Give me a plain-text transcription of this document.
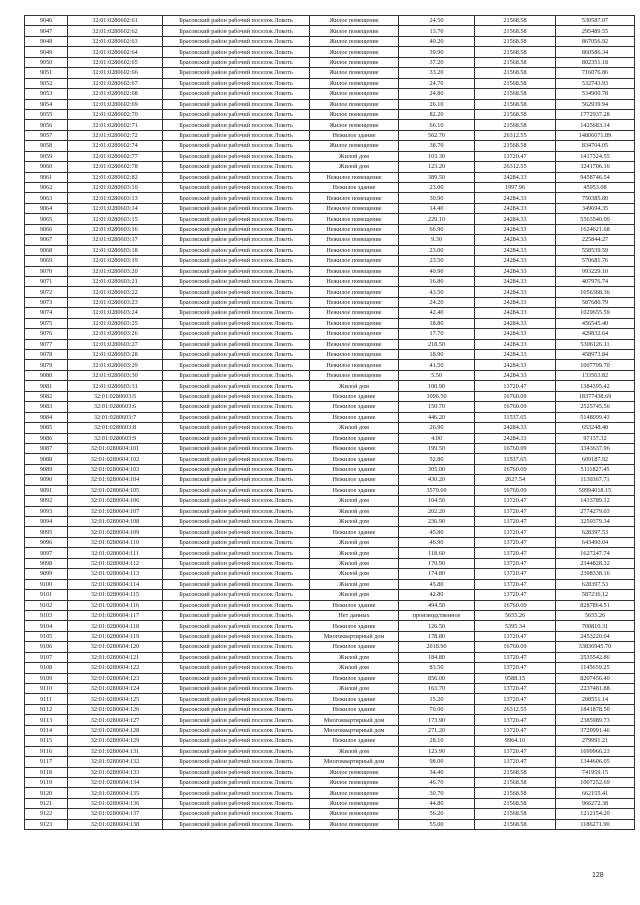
9046	32:01:0280602:61	Брасовский район рабочий поселок Локоть	Жилое помещение	24.50	21568.58	530587.07
9047	32:01:0280602:62	Брасовский район рабочий поселок Локоть	Жилое помещение	13.70	21568.58	295489.55
9048	32:01:0280602:63	Брасовский район рабочий поселок Локоть	Жилое помещение	40.20	21568.58	867056.92
9049	32:01:0280602:64	Брасовский район рабочий поселок Локоть	Жилое помещение	39.90	21568.58	860586.34
9050	32:01:0280602:65	Брасовский район рабочий поселок Локоть	Жилое помещение	37.20	21568.58	802351.18
9051	32:01:0280602:66	Брасовский район рабочий поселок Локоть	Жилое помещение	33.20	21568.58	716076.86
9052	32:01:0280602:67	Брасовский район рабочий поселок Локоть	Жилое помещение	24.70	21568.58	532743.93
9053	32:01:0280602:68	Брасовский район рабочий поселок Локоть	Жилое помещение	24.80	21568.58	534900.78
9054	32:01:0280602:69	Брасовский район рабочий поселок Локоть	Жилое помещение	26.10	21568.58	562939.94
9055	32:01:0280602:70	Брасовский район рабочий поселок Локоть	Жилое помещение	82.20	21568.58	1772937.28
9056	32:01:0280602:71	Брасовский район рабочий поселок Локоть	Жилое помещение	66.10	21568.58	1425683.14
9057	32:01:0280602:72	Брасовский район рабочий поселок Локоть	Нежилое здание	562.70	26312.55	14806071.89
9058	32:01:0280602:74	Брасовский район рабочий поселок Локоть	Жилое помещение	38.70	21568.58	834704.05
9059	32:01:0280602:77	Брасовский район рабочий поселок Локоть	Жилой дом	103.30	13720.47	1417324.55
9060	32:01:0280602:78	Брасовский район рабочий поселок Локоть	Жилой дом	123.20	26312.55	3241706.16
9061	32:01:0280602:82	Брасовский район рабочий поселок Локоть	Нежилое помещение	389.50	24284.33	9458746.54
9062	32:01:0280603:10	Брасовский район рабочий поселок Локоть	Нежилое здание	23.00	1997.96	45953.08
9063	32:01:0280603:13	Брасовский район рабочий поселок Локоть	Нежилое помещение	30.90	24284.33	750385.80
9064	32:01:0280603:14	Брасовский район рабочий поселок Локоть	Нежилое помещение	14.40	24284.33	349694.35
9065	32:01:0280603:15	Брасовский район рабочий поселок Локоть	Нежилое помещение	229.10	24284.33	5563540.00
9066	32:01:0280603:16	Брасовский район рабочий поселок Локоть	Нежилое помещение	66.90	24284.33	1624621.68
9067	32:01:0280603:17	Брасовский район рабочий поселок Локоть	Нежилое помещение	9.30	24284.33	225844.27
9068	32:01:0280603:18	Брасовский район рабочий поселок Локоть	Нежилое помещение	23.00	24284.33	558539.59
9069	32:01:0280603:19	Брасовский район рабочий поселок Локоть	Нежилое помещение	23.50	24284.33	570681.76
9070	32:01:0280603:20	Брасовский район рабочий поселок Локоть	Нежилое помещение	40.90	24284.33	993229.10
9071	32:01:0280603:21	Брасовский район рабочий поселок Локоть	Нежилое помещение	16.80	24284.33	407976.74
9072	32:01:0280603:22	Брасовский район рабочий поселок Локоть	Нежилое помещение	43.50	24284.33	1056368.36
9073	32:01:0280603:23	Брасовский район рабочий поселок Локоть	Нежилое помещение	24.20	24284.33	587680.79
9074	32:01:0280603:24	Брасовский район рабочий поселок Локоть	Нежилое помещение	42.40	24284.33	1029655.59
9075	32:01:0280603:25	Брасовский район рабочий поселок Локоть	Нежилое помещение	18.80	24284.33	456545.40
9076	32:01:0280603:26	Брасовский район рабочий поселок Локоть	Нежилое помещение	17.70	24284.33	429832.64
9077	32:01:0280603:27	Брасовский район рабочий поселок Локоть	Нежилое помещение	218.50	24284.33	5306126.11
9078	32:01:0280603:28	Брасовский район рабочий поселок Локоть	Нежилое помещение	18.90	24284.33	458973.84
9079	32:01:0280603:29	Брасовский район рабочий поселок Локоть	Нежилое помещение	41.50	24284.33	1007799.70
9080	32:01:0280603:30	Брасовский район рабочий поселок Локоть	Нежилое помещение	5.50	24284.33	133563.82
9081	32:01:0280603:31	Брасовский район рабочий поселок Локоть	Жилой дом	100.90	13720.47	1384395.42
9082	32:01:0280603:5	Брасовский район рабочий поселок Локоть	Нежилое здание	1096.50	16760.09	18377438.69
9083	32:01:0280603:6	Брасовский район рабочий поселок Локоть	Нежилое здание	150.70	16760.09	2525745.56
9084	32:01:0280603:7	Брасовский район рабочий поселок Локоть	Нежилое здание	446.20	11537.65	5148099.43
9085	32:01:0280603:8	Брасовский район рабочий поселок Локоть	Жилой дом	26.90	24284.33	653248.48
9086	32:01:0280603:9	Брасовский район рабочий поселок Локоть	Нежилое здание	4.00	24284.33	97137.32
9087	32:01:0280604:101	Брасовский район рабочий поселок Локоть	Нежилое здание	199.50	16760.09	3343637.96
9088	32:01:0280604:102	Брасовский район рабочий поселок Локоть	Нежилое здание	52.80	11537.65	609187.92
9089	32:01:0280604:103	Брасовский район рабочий поселок Локоть	Нежилое здание	305.00	16760.09	5111827.45
9090	32:01:0280604:104	Брасовский район рабочий поселок Локоть	Нежилое здание	430.20	2627.54	1130367.71
9091	32:01:0280604:105	Брасовский район рабочий поселок Локоть	Нежилое здание	3579.60	16760.09	59994018.15
9092	32:01:0280604:106	Брасовский район рабочий поселок Локоть	Жилой дом	104.50	13720.47	1433789.12
9093	32:01:0280604:107	Брасовский район рабочий поселок Локоть	Жилой дом	202.20	13720.47	2774279.03
9094	32:01:0280604:108	Брасовский район рабочий поселок Локоть	Жилой дом	236.90	13720.47	3250379.34
9095	32:01:0280604:109	Брасовский район рабочий поселок Локоть	Нежилое здание	45.80	13720.47	628397.53
9096	32:01:0280604:110	Брасовский район рабочий поселок Локоть	Жилой дом	46.90	13720.47	643490.04
9097	32:01:0280604:111	Брасовский район рабочий поселок Локоть	Жилой дом	118.60	13720.47	1627247.74
9098	32:01:0280604:112	Брасовский район рабочий поселок Локоть	Жилой дом	170.90	13720.47	2344828.32
9099	32:01:0280604:113	Брасовский район рабочий поселок Локоть	Жилой дом	174.80	13720.47	2398338.16
9100	32:01:0280604:114	Брасовский район рабочий поселок Локоть	Жилой дом	45.80	13720.47	628397.53
9101	32:01:0280604:115	Брасовский район рабочий поселок Локоть	Жилой дом	42.80	13720.47	587236.12
9102	32:01:0280604:116	Брасовский район рабочий поселок Локоть	Нежилое здание	494.50	16760.09	8287864.51
9103	32:01:0280604:117	Брасовский район рабочий поселок Локоть	Нет данных	производственное	5655.26	5655.26
9104	32:01:0280604:118	Брасовский район рабочий поселок Локоть	Нежилое здание	126.50	5395.34	700810.31
9105	32:01:0280604:119	Брасовский район рабочий поселок Локоть	Многоквартирный дом	178.80	13720.47	2453220.04
9106	32:01:0280604:120	Брасовский район рабочий поселок Локоть	Нежилое здание	2018.90	16760.09	33836945.70
9107	32:01:0280604:121	Брасовский район рабочий поселок Локоть	Жилой дом	184.80	13720.47	2535542.86
9108	32:01:0280604:122	Брасовский район рабочий поселок Локоть	Жилой дом	83.50	13720.47	1145659.25
9109	32:01:0280604:123	Брасовский район рабочий поселок Локоть	Нежилое здание	856.00	9588.15	8207456.40
9110	32:01:0280604:124	Брасовский район рабочий поселок Локоть	Жилой дом	163.70	13720.47	2237481.88
9111	32:01:0280604:125	Брасовский район рабочий поселок Локоть	Нежилое здание	15.20	13720.47	208551.14
9112	32:01:0280604:126	Брасовский район рабочий поселок Локоть	Нежилое здание	70.00	26312.55	1841878.50
9113	32:01:0280604:127	Брасовский район рабочий поселок Локоть	Многоквартирный дом	173.90	13720.47	2385989.73
9114	32:01:0280604:128	Брасовский район рабочий поселок Локоть	Многоквартирный дом	271.20	13720.47	3720991.46
9115	32:01:0280604:129	Брасовский район рабочий поселок Локоть	Нежилое здание	28.10	9964.10	279991.21
9116	32:01:0280604:131	Брасовский район рабочий поселок Локоть	Жилой дом	123.90	13720.47	1699966.23
9117	32:01:0280604:132	Брасовский район рабочий поселок Локоть	Многоквартирный дом	98.00	13720.47	1344606.05
9118	32:01:0280604:133	Брасовский район рабочий поселок Локоть	Жилое помещение	34.40	21568.58	741959.15
9119	32:01:0280604:134	Брасовский район рабочий поселок Локоть	Жилое помещение	46.70	21568.58	1007252.69
9120	32:01:0280604:135	Брасовский район рабочий поселок Локоть	Жилое помещение	30.70	21568.58	662155.41
9121	32:01:0280604:136	Брасовский район рабочий поселок Локоть	Жилое помещение	44.80	21568.58	966272.38
9122	32:01:0280604:137	Брасовский район рабочий поселок Локоть	Жилое помещение	56.20	21568.58	1212154.20
9123	32:01:0280604:138	Брасовский район рабочий поселок Локоть	Жилое помещение	55.00	21568.58	1186271.90
128
